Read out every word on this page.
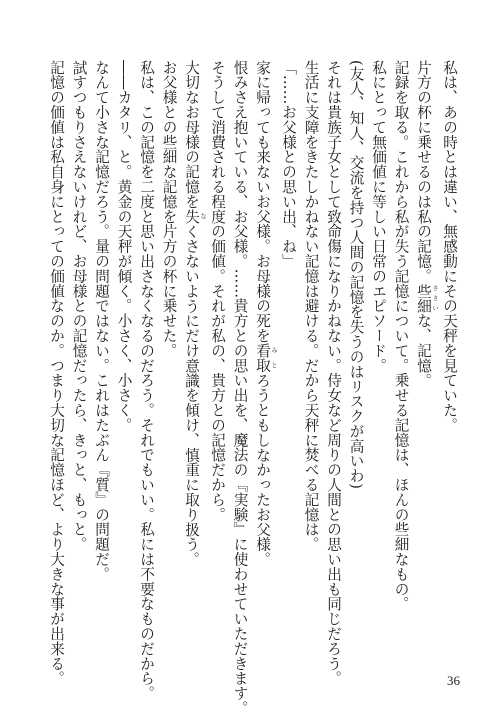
私は、あの時とは違い、無感動にその天秤を見ていた。
片方の杯に乗せるのは私の記憶。些細 ささいな、記憶。
記録を取る。これから私が失う記憶について。乗せる記憶は、ほんの些細なもの。
私にとって無価値に等しい日常のエピソード。
(友人、知人、交流を持つ人間の記憶を失うのはリスクが高いわ)
それは貴族子女として致命傷になりかねない。侍女など周りの人間との思い出も同じだろう。
生活に支障をきたしかねない記憶は避ける。だから天秤に焚べる記憶は。
「……お父様との思い出、ね」
家に帰っても来ないお父様。お母様の死を看取 みとろうともしなかったお父様。
恨みさえ抱いている、お父様。……貴方との思い出を、魔法の『実験』に使わせていただきます。
そうして消費される程度の価値。それが私の、貴方との記憶だから。
大切なお母様の記憶を失 なくさないようにだけ意識を傾け、慎重に取り扱う。
お父様との些細な記憶を片方の杯に乗せた。
私は、この記憶を二度と思い出さなくなるのだろう。それでもいい。私には不要なものだから。
――カタリ、と。黄金の天秤が傾く。小さく、小さく。
なんて小さな記憶だろう。量の問題ではない。これはたぶん『質』の問題だ。
試すつもりさえないけれど、お母様との記憶だったら、きっと、もっと。
記憶の価値は私自身にとっての価値なのか。つまり大切な記憶ほど、より大きな事が出来る。	36
